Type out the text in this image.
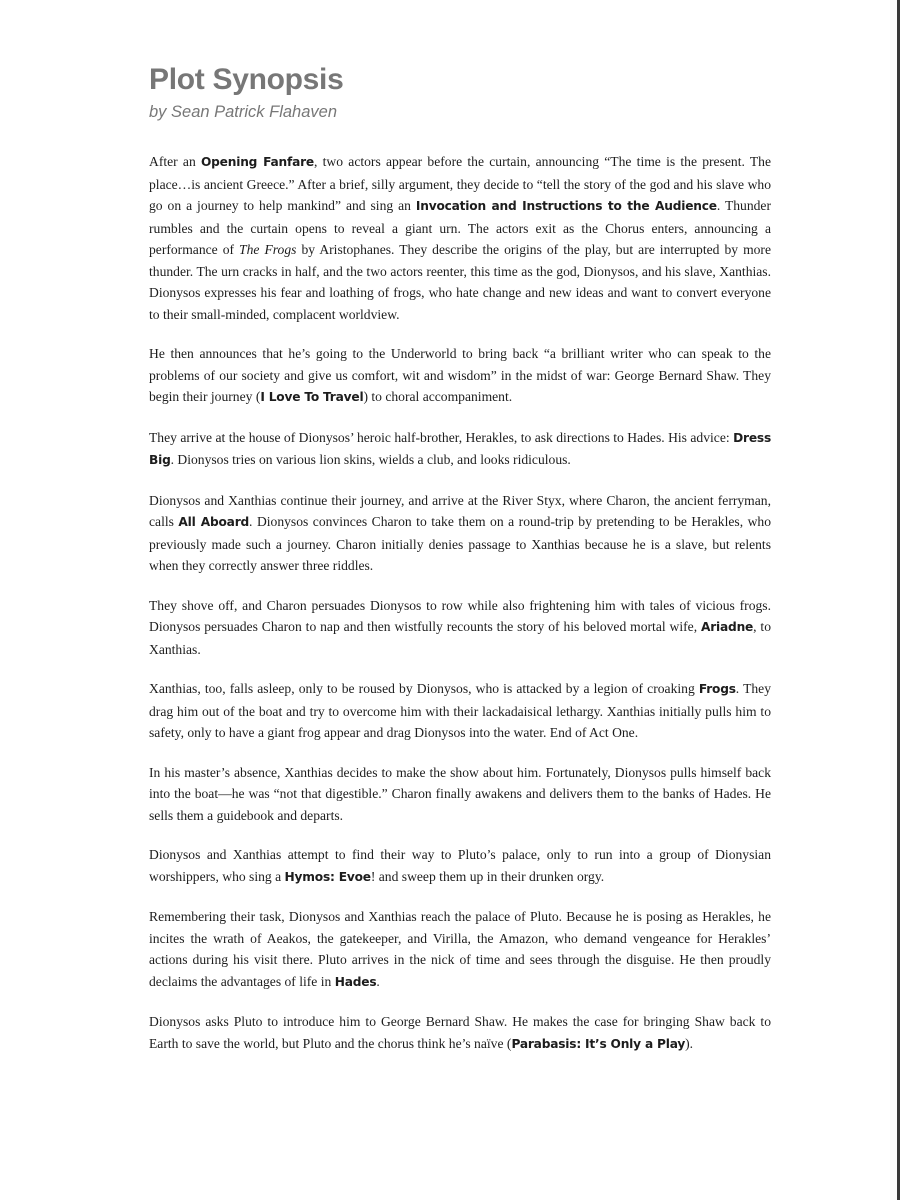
Plot Synopsis
by Sean Patrick Flahaven

After an Opening Fanfare, two actors appear before the curtain, announcing “The time is the present. The place…is ancient Greece.” After a brief, silly argument, they decide to “tell the story of the god and his slave who go on a journey to help mankind” and sing an Invocation and Instructions to the Audience. Thunder rumbles and the curtain opens to reveal a giant urn. The actors exit as the Chorus enters, announcing a performance of The Frogs by Aristophanes. They describe the origins of the play, but are interrupted by more thunder. The urn cracks in half, and the two actors reenter, this time as the god, Dionysos, and his slave, Xanthias. Dionysos expresses his fear and loathing of frogs, who hate change and new ideas and want to convert everyone to their small-minded, complacent worldview.

He then announces that he’s going to the Underworld to bring back “a brilliant writer who can speak to the problems of our society and give us comfort, wit and wisdom” in the midst of war: George Bernard Shaw. They begin their journey (I Love To Travel) to choral accompaniment.

They arrive at the house of Dionysos’ heroic half-brother, Herakles, to ask directions to Hades. His advice: Dress Big. Dionysos tries on various lion skins, wields a club, and looks ridiculous.

Dionysos and Xanthias continue their journey, and arrive at the River Styx, where Charon, the ancient ferryman, calls All Aboard. Dionysos convinces Charon to take them on a round-trip by pretending to be Herakles, who previously made such a journey. Charon initially denies passage to Xanthias because he is a slave, but relents when they correctly answer three riddles.

They shove off, and Charon persuades Dionysos to row while also frightening him with tales of vicious frogs. Dionysos persuades Charon to nap and then wistfully recounts the story of his beloved mortal wife, Ariadne, to Xanthias.

Xanthias, too, falls asleep, only to be roused by Dionysos, who is attacked by a legion of croaking Frogs. They drag him out of the boat and try to overcome him with their lackadaisical lethargy. Xanthias initially pulls him to safety, only to have a giant frog appear and drag Dionysos into the water. End of Act One.

In his master’s absence, Xanthias decides to make the show about him. Fortunately, Dionysos pulls himself back into the boat—he was “not that digestible.” Charon finally awakens and delivers them to the banks of Hades. He sells them a guidebook and departs.

Dionysos and Xanthias attempt to find their way to Pluto’s palace, only to run into a group of Dionysian worshippers, who sing a Hymos: Evoe! and sweep them up in their drunken orgy.

Remembering their task, Dionysos and Xanthias reach the palace of Pluto. Because he is posing as Herakles, he incites the wrath of Aeakos, the gatekeeper, and Virilla, the Amazon, who demand vengeance for Herakles’ actions during his visit there. Pluto arrives in the nick of time and sees through the disguise. He then proudly declaims the advantages of life in Hades.

Dionysos asks Pluto to introduce him to George Bernard Shaw. He makes the case for bringing Shaw back to Earth to save the world, but Pluto and the chorus think he’s naïve (Parabasis: It’s Only a Play).
